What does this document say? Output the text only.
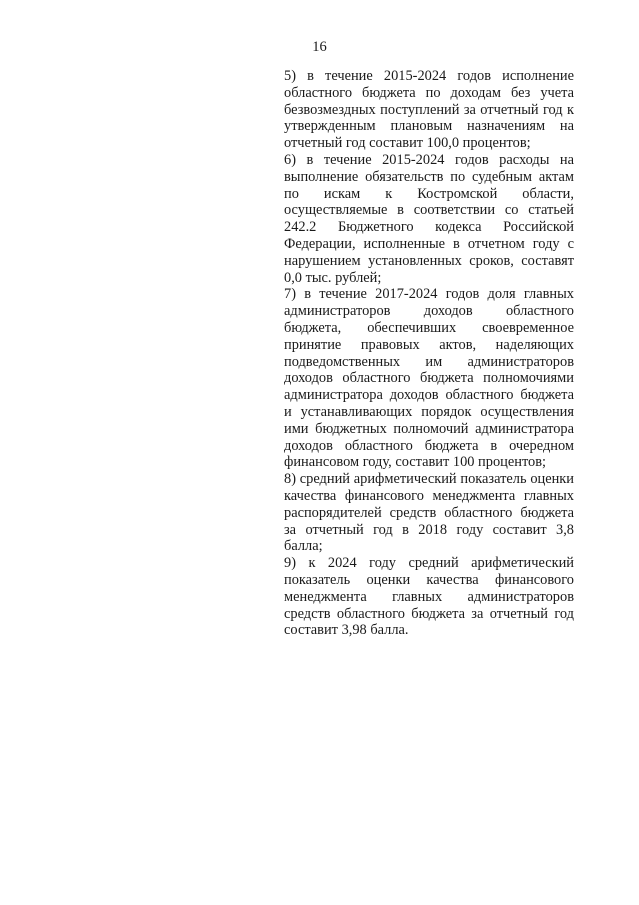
16

5) в течение 2015-2024 годов исполнение областного бюджета по доходам без учета безвозмездных поступлений за отчетный год к утвержденным плановым назначениям на отчетный год составит 100,0 процентов;

6) в течение 2015-2024 годов расходы на выполнение обязательств по судебным актам по искам к Костромской области, осуществляемые в соответствии со статьей 242.2 Бюджетного кодекса Российской Федерации, исполненные в отчетном году с нарушением установленных сроков, составят 0,0 тыс. рублей;

7) в течение 2017-2024 годов доля главных администраторов доходов областного бюджета, обеспечивших своевременное принятие правовых актов, наделяющих подведомственных им администраторов доходов областного бюджета полномочиями администратора доходов областного бюджета и устанавливающих порядок осуществления ими бюджетных полномочий администратора доходов областного бюджета в очередном финансовом году, составит 100 процентов;

8) средний арифметический показатель оценки качества финансового менеджмента главных распорядителей средств областного бюджета за отчетный год в 2018 году составит 3,8 балла;

9) к 2024 году средний арифметический показатель оценки качества финансового менеджмента главных администраторов средств областного бюджета за отчетный год составит 3,98 балла.
